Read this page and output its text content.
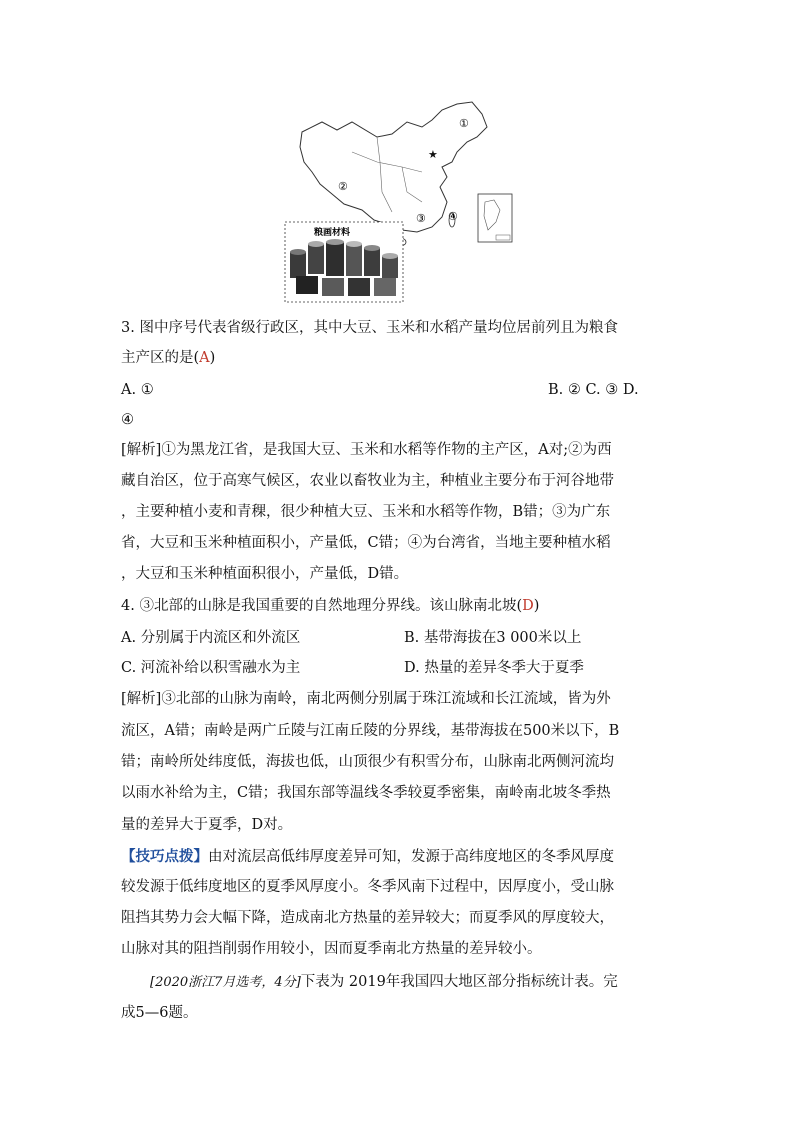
★
①
②
③ ④
粮画材料
3. 图中序号代表省级行政区，其中大豆、玉米和水稻产量均位居前列且为粮食
主产区的是(A)
A. ①	B. ② C. ③ D.
④
[解析]①为黑龙江省，是我国大豆、玉米和水稻等作物的主产区，A对;②为西
藏自治区，位于高寒气候区，农业以畜牧业为主，种植业主要分布于河谷地带
，主要种植小麦和青稞，很少种植大豆、玉米和水稻等作物，B错；③为广东
省，大豆和玉米种植面积小，产量低，C错；④为台湾省，当地主要种植水稻
，大豆和玉米种植面积很小，产量低，D错。
4. ③北部的山脉是我国重要的自然地理分界线。该山脉南北坡(D)
A. 分别属于内流区和外流区	B. 基带海拔在3 000米以上
C. 河流补给以积雪融水为主	D. 热量的差异冬季大于夏季
[解析]③北部的山脉为南岭，南北两侧分别属于珠江流域和长江流域，皆为外
流区，A错；南岭是两广丘陵与江南丘陵的分界线，基带海拔在500米以下，B
错；南岭所处纬度低，海拔也低，山顶很少有积雪分布，山脉南北两侧河流均
以雨水补给为主，C错；我国东部等温线冬季较夏季密集，南岭南北坡冬季热
量的差异大于夏季，D对。
【技巧点拨】由对流层高低纬厚度差异可知，发源于高纬度地区的冬季风厚度
较发源于低纬度地区的夏季风厚度小。冬季风南下过程中，因厚度小，受山脉
阻挡其势力会大幅下降，造成南北方热量的差异较大；而夏季风的厚度较大，
山脉对其的阻挡削弱作用较小，因而夏季南北方热量的差异较小。
[2020浙江7月选考，4分]下表为 2019年我国四大地区部分指标统计表。完
成5—6题。
